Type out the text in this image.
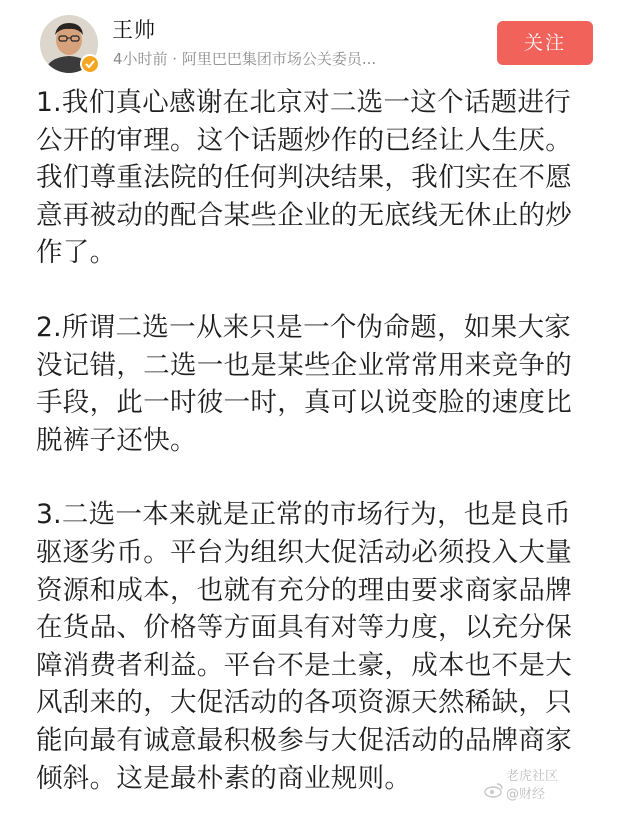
王帅
4小时前 · 阿里巴巴集团市场公关委员...
关注

1.我们真心感谢在北京对二选一这个话题进行公开的审理。这个话题炒作的已经让人生厌。我们尊重法院的任何判决结果，我们实在不愿意再被动的配合某些企业的无底线无休止的炒作了。

2.所谓二选一从来只是一个伪命题，如果大家没记错，二选一也是某些企业常常用来竞争的手段，此一时彼一时，真可以说变脸的速度比脱裤子还快。

3.二选一本来就是正常的市场行为，也是良币驱逐劣币。平台为组织大促活动必须投入大量资源和成本，也就有充分的理由要求商家品牌在货品、价格等方面具有对等力度，以充分保障消费者利益。平台不是土豪，成本也不是大风刮来的，大促活动的各项资源天然稀缺，只能向最有诚意最积极参与大促活动的品牌商家倾斜。这是最朴素的商业规则。	老虎社区
@财经
